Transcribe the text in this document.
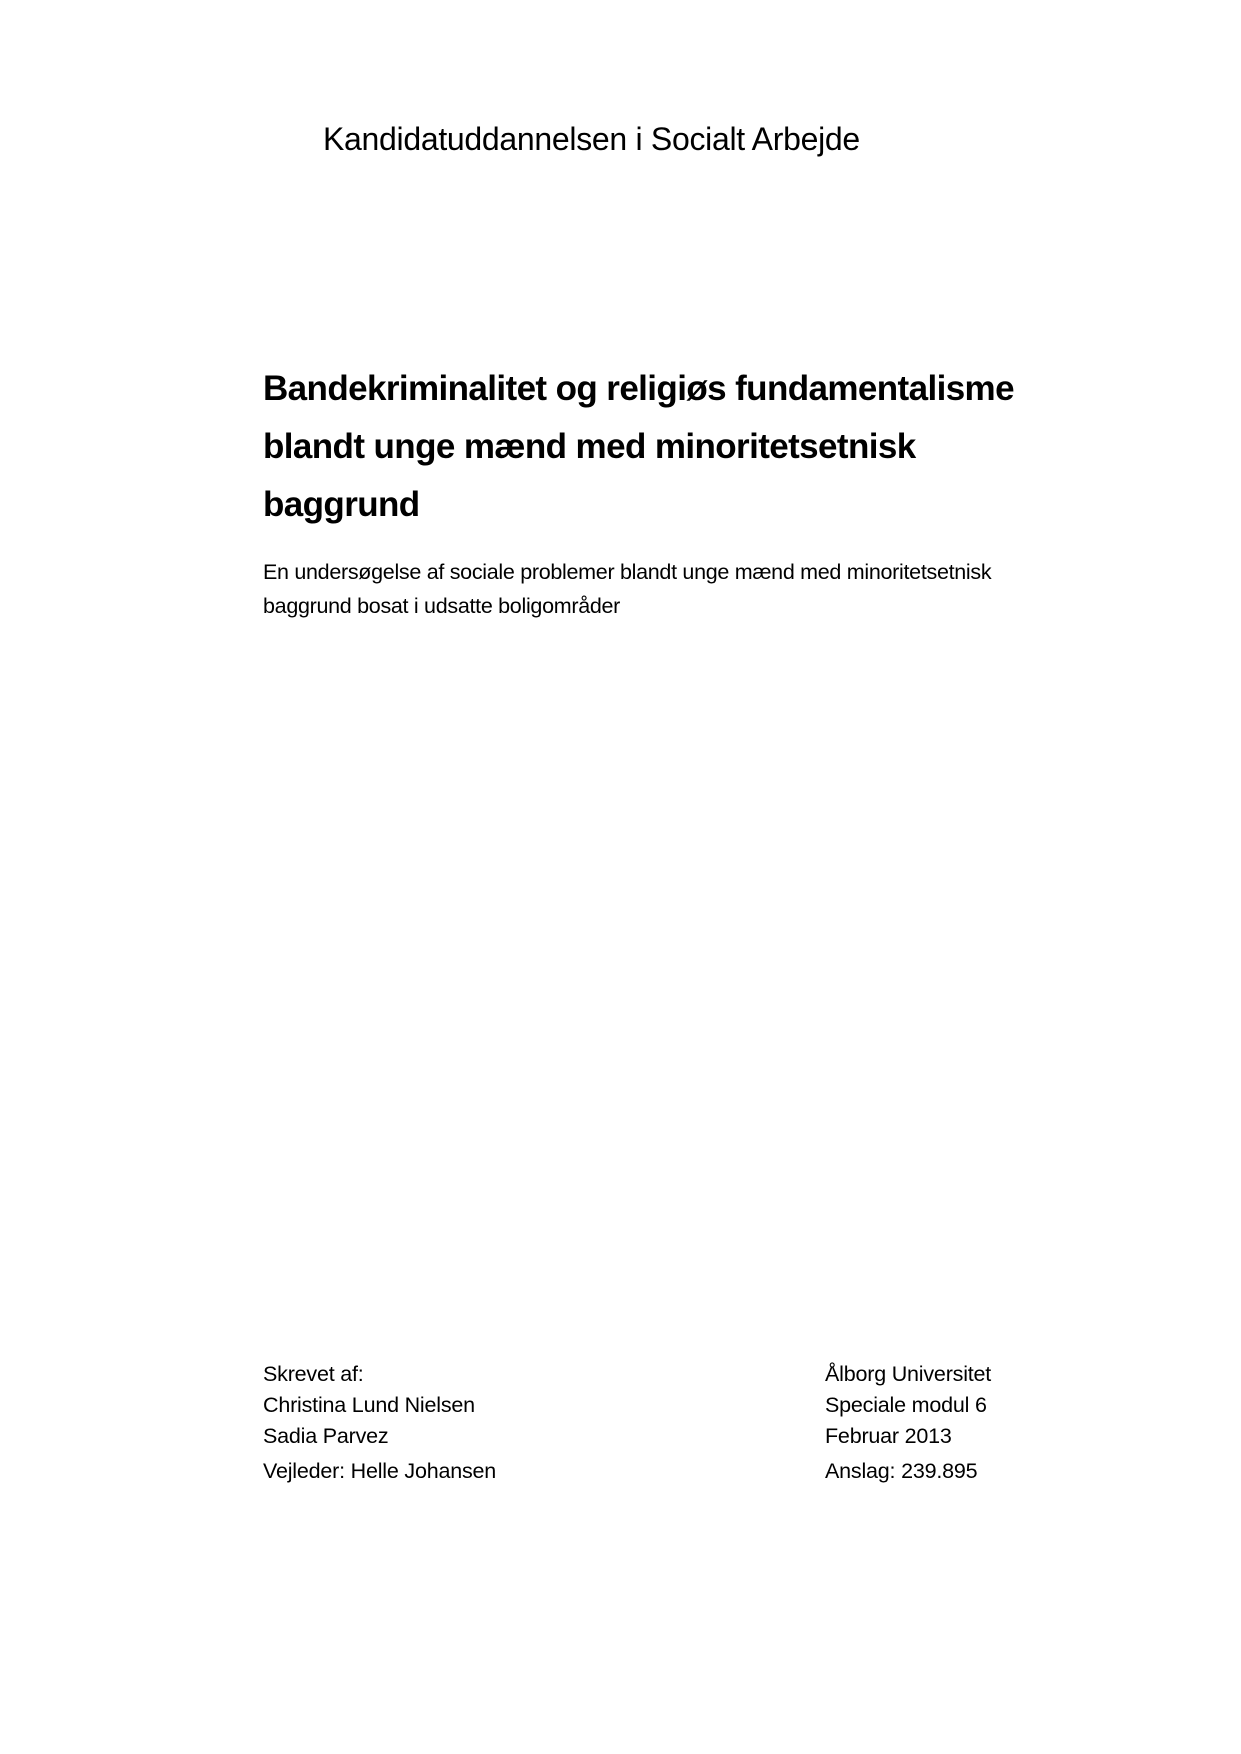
Kandidatuddannelsen i Socialt Arbejde
Bandekriminalitet og religiøs fundamentalisme
blandt unge mænd med minoritetsetnisk
baggrund
En undersøgelse af sociale problemer blandt unge mænd med minoritetsetnisk
baggrund bosat i udsatte boligområder
Skrevet af:
Christina Lund Nielsen
Sadia Parvez
Vejleder: Helle Johansen
Ålborg Universitet
Speciale modul 6
Februar 2013
Anslag: 239.895
